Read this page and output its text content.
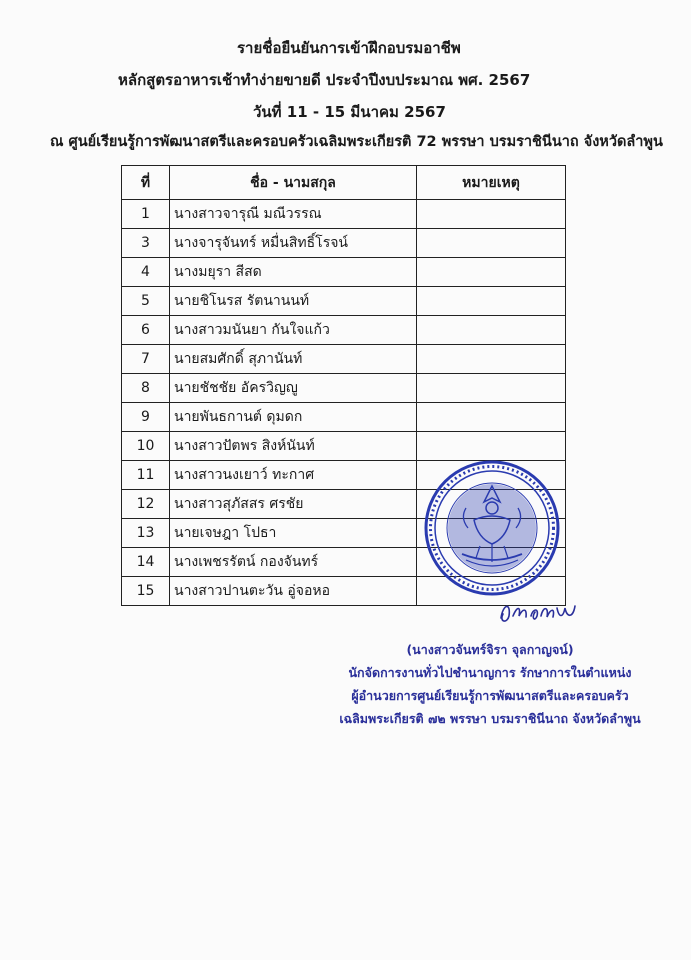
รายชื่อยืนยันการเข้าฝึกอบรมอาชีพ
หลักสูตรอาหารเช้าทำง่ายขายดี ประจำปีงบประมาณ พศ. 2567
วันที่ 11 - 15 มีนาคม 2567
ณ ศูนย์เรียนรู้การพัฒนาสตรีและครอบครัวเฉลิมพระเกียรติ 72 พรรษา บรมราชินีนาถ จังหวัดลำพูน
ที่	ชื่อ - นามสกุล	หมายเหตุ
1	นางสาวจารุณี มณีวรรณ	
3	นางจารุจันทร์ หมื่นสิทธิ์โรจน์	
4	นางมยุรา สีสด	
5	นายชิโนรส รัตนานนท์	
6	นางสาวมนันยา กันใจแก้ว	
7	นายสมศักดิ์ สุภานันท์	
8	นายชัชชัย อัครวิญญู	
9	นายพันธกานต์ ดุมดก	
10	นางสาวปัตพร สิงห์นันท์	
11	นางสาวนงเยาว์ ทะกาศ	
12	นางสาวสุภัสสร ศรชัย	
13	นายเจษฎา โปธา	
14	นางเพชรรัตน์ กองจันทร์	
15	นางสาวปานตะวัน อู่จอหอ	
(นางสาวจันทร์จิรา จุลกาญจน์)
นักจัดการงานทั่วไปชำนาญการ รักษาการในตำแหน่ง
ผู้อำนวยการศูนย์เรียนรู้การพัฒนาสตรีและครอบครัว
เฉลิมพระเกียรติ ๗๒ พรรษา บรมราชินีนาถ จังหวัดลำพูน
